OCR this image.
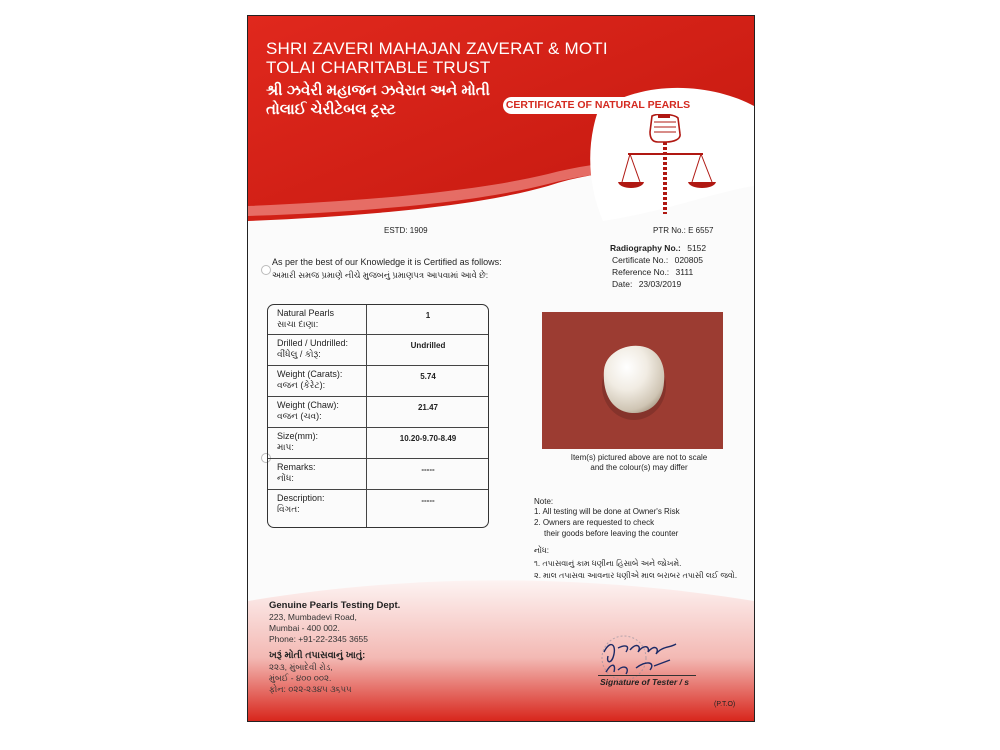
SHRI ZAVERI MAHAJAN ZAVERAT & MOTI
TOLAI CHARITABLE TRUST
શ્રી ઝવેરી મહાજન ઝવેરાત અને મોતી
તોલાઈ ચેરીટેબલ ટ્રસ્ટ	CERTIFICATE OF NATURAL PEARLS
ESTD: 1909	PTR No.: E 6557
Radiography No.: 5152
Certificate No.: 020805
Reference No.: 3111
Date: 23/03/2019
As per the best of our Knowledge it is Certified as follows:
અમારી સમજ પ્રમાણે નીચે મુજબનું પ્રમાણપત્ર આપવામાં આવે છે:
Natural Pearls
સાચા દાણા:
1
Drilled / Undrilled:
વીંધેલુ / કોરૂ:
Undrilled
Weight (Carats):
વજન (કેરેટ):
5.74
Weight (Chaw):
વજન (ચવ):
21.47
Size(mm):
માપ:
10.20-9.70-8.49
Remarks:
નોંધ:
-----
Description:
વિગત:
-----
Item(s) pictured above are not to scale
and the colour(s) may differ
Note:
1. All testing will be done at Owner's Risk
2. Owners are requested to check
their goods before leaving the counter
નોંધ:
૧. તપાસવાનું કામ ધણીના હિસાબે અને જોખમે.
૨. માલ તપાસવા આવનાર ધણીએ માલ બરાબર તપાસી લઈ જવો.
Genuine Pearls Testing Dept.
223, Mumbadevi Road,
Mumbai - 400 002.
Phone: +91-22-2345 3655
ખરૂં મોતી તપાસવાનું ખાતું:
૨૨૩, મુંબાદેવી રોડ,
મુંબઈ - ૪૦૦ ૦૦૨.
ફોન: ૦૨૨-૨૩૪૫ ૩૬૫૫
Signature of Tester / s
(P.T.O)
